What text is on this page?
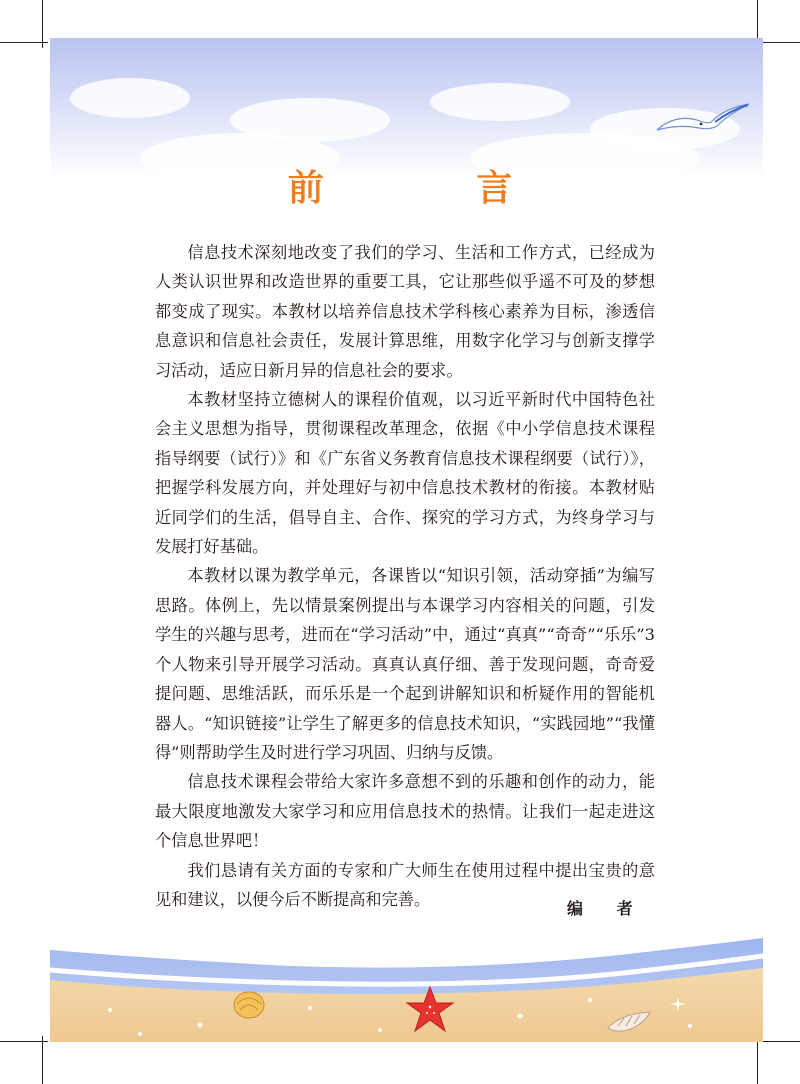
前 言

信息技术深刻地改变了我们的学习、生活和工作方式，已经成为人类认识世界和改造世界的重要工具，它让那些似乎遥不可及的梦想都变成了现实。本教材以培养信息技术学科核心素养为目标，渗透信息意识和信息社会责任，发展计算思维，用数字化学习与创新支撑学习活动，适应日新月异的信息社会的要求。

本教材坚持立德树人的课程价值观，以习近平新时代中国特色社会主义思想为指导，贯彻课程改革理念，依据《中小学信息技术课程指导纲要（试行）》和《广东省义务教育信息技术课程纲要（试行）》，把握学科发展方向，并处理好与初中信息技术教材的衔接。本教材贴近同学们的生活，倡导自主、合作、探究的学习方式，为终身学习与发展打好基础。

本教材以课为教学单元，各课皆以“知识引领，活动穿插”为编写思路。体例上，先以情景案例提出与本课学习内容相关的问题，引发学生的兴趣与思考，进而在“学习活动”中，通过“真真”“奇奇”“乐乐”3个人物来引导开展学习活动。真真认真仔细、善于发现问题，奇奇爱提问题、思维活跃，而乐乐是一个起到讲解知识和析疑作用的智能机器人。“知识链接”让学生了解更多的信息技术知识，“实践园地”“我懂得”则帮助学生及时进行学习巩固、归纳与反馈。

信息技术课程会带给大家许多意想不到的乐趣和创作的动力，能最大限度地激发大家学习和应用信息技术的热情。让我们一起走进这个信息世界吧！

我们恳请有关方面的专家和广大师生在使用过程中提出宝贵的意见和建议，以便今后不断提高和完善。	编 者
